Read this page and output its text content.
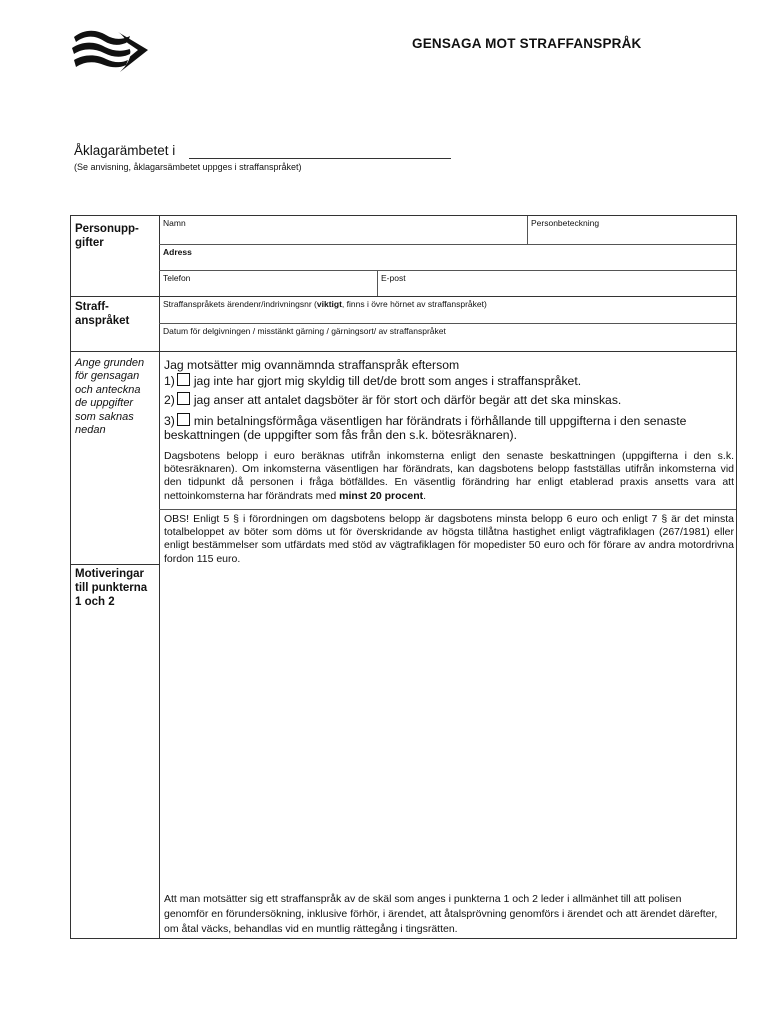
GENSAGA MOT STRAFFANSPRÅK
Åklagarämbetet i
(Se anvisning, åklagarsämbetet uppges i straffanspråket)
Personupp-
gifter
Namn	Personbeteckning
Adress
Telefon	E-post
Straff-
anspråket
Straffanspråkets ärendenr/indrivningsnr (viktigt, finns i övre hörnet av straffanspråket)
Datum för delgivningen / misstänkt gärning / gärningsort/ av straffanspråket
Ange grunden
för gensagan
och anteckna
de uppgifter
som saknas
nedan
Jag motsätter mig ovannämnda straffanspråk eftersom
1) jag inte har gjort mig skyldig till det/de brott som anges i straffanspråket.
2) jag anser att antalet dagsböter är för stort och därför begär att det ska minskas.
3) min betalningsförmåga väsentligen har förändrats i förhållande till uppgifterna i den senaste
beskattningen (de uppgifter som fås från den s.k. bötesräknaren).
Dagsbotens belopp i euro beräknas utifrån inkomsterna enligt den senaste beskattningen (uppgifterna i den s.k. bötesräknaren). Om inkomsterna väsentligen har förändrats, kan dagsbotens belopp fastställas utifrån inkomsterna vid den tidpunkt då personen i fråga bötfälldes. En väsentlig förändring har enligt etablerad praxis ansetts vara att nettoinkomsterna har förändrats med minst 20 procent.
OBS! Enligt 5 § i förordningen om dagsbotens belopp är dagsbotens minsta belopp 6 euro och enligt 7 § är det minsta totalbeloppet av böter som döms ut för överskridande av högsta tillåtna hastighet enligt vägtrafiklagen (267/1981) eller enligt bestämmelser som utfärdats med stöd av vägtrafiklagen för mopedister 50 euro och för förare av andra motordrivna fordon 115 euro.
Motiveringar
till punkterna
1 och 2
Att man motsätter sig ett straffanspråk av de skäl som anges i punkterna 1 och 2 leder i allmänhet till att polisen genomför en förundersökning, inklusive förhör, i ärendet, att åtalsprövning genomförs i ärendet och att ärendet därefter, om åtal väcks, behandlas vid en muntlig rättegång i tingsrätten.
